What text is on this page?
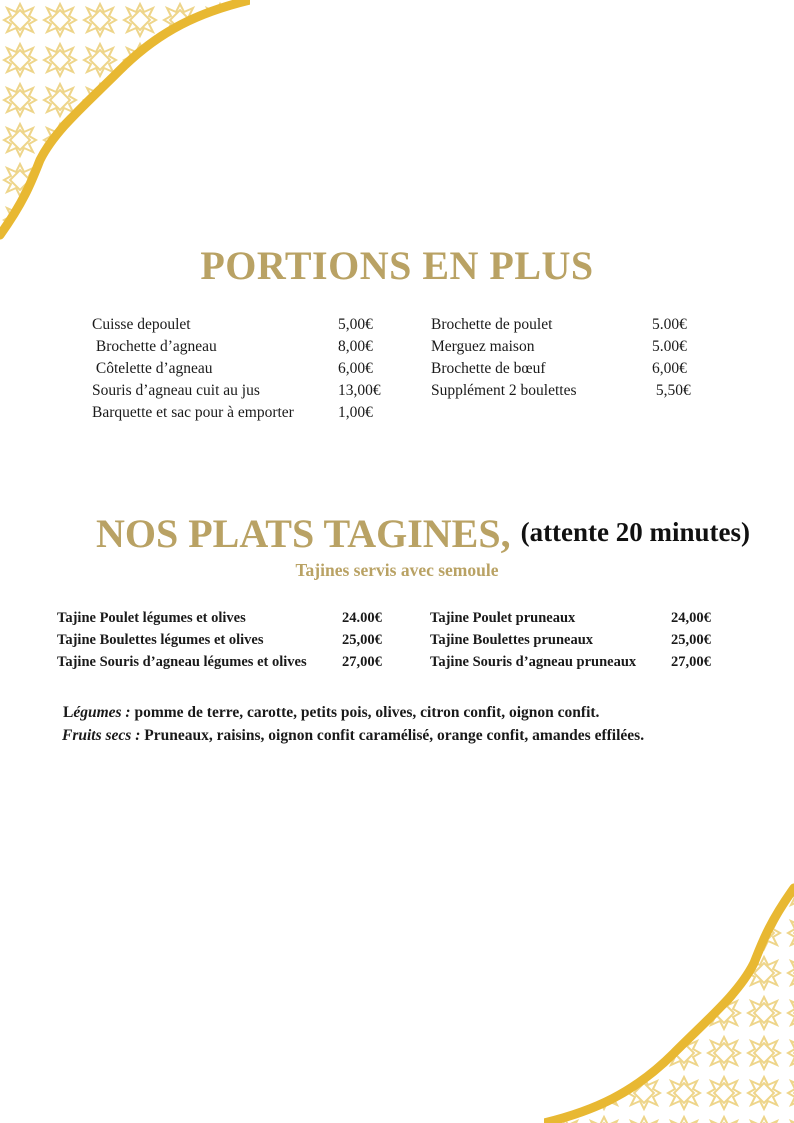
PORTIONS EN PLUS
Cuisse depoulet	5,00€
Brochette d’agneau	8,00€
Côtelette d’agneau	6,00€
Souris d’agneau cuit au jus	13,00€
Barquette et sac pour à emporter	1,00€
Brochette de poulet	5.00€
Merguez maison	5.00€
Brochette de bœuf	6,00€
Supplément 2 boulettes	5,50€
NOS PLATS TAGINES, (attente 20 minutes)
Tajines servis avec semoule
Tajine Poulet légumes et olives	24.00€
Tajine Boulettes légumes et olives	25,00€
Tajine Souris d’agneau légumes et olives 27,00€
Tajine Poulet pruneaux	24,00€
Tajine Boulettes pruneaux	25,00€
Tajine Souris d’agneau pruneaux 27,00€
Légumes : pomme de terre, carotte, petits pois, olives, citron confit, oignon confit.
Fruits secs : Pruneaux, raisins, oignon confit caramélisé, orange confit, amandes effilées.
